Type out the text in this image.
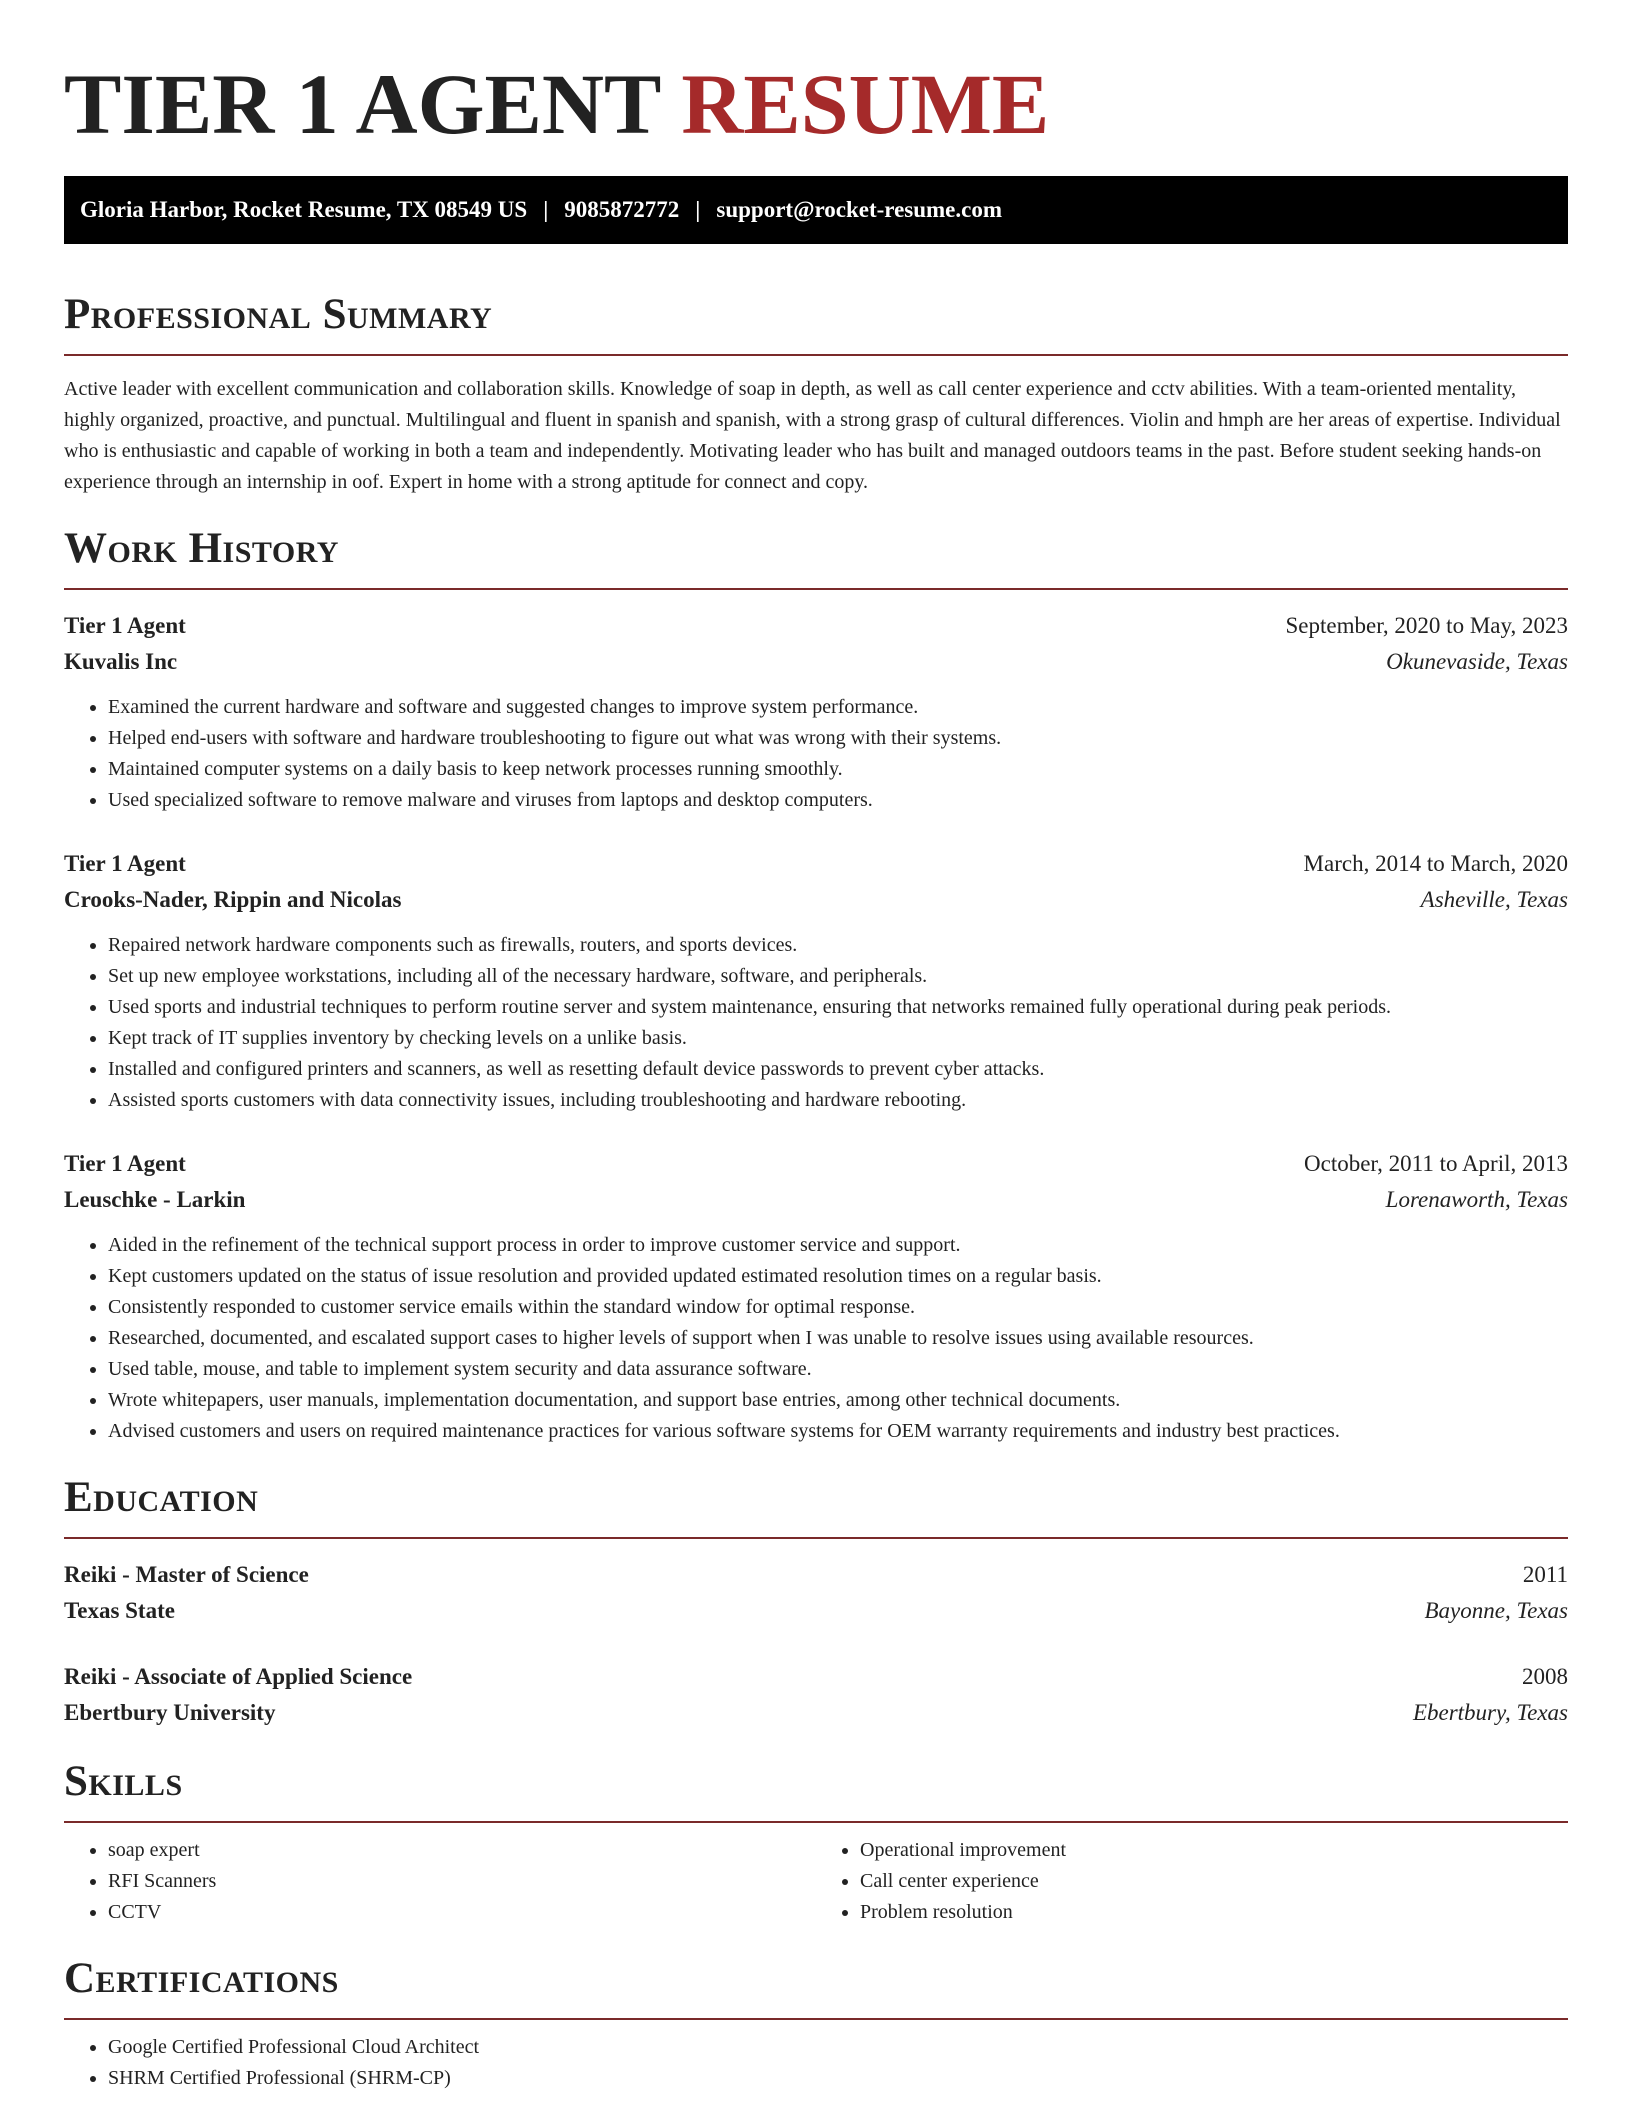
TIER 1 AGENT RESUME
Gloria Harbor, Rocket Resume, TX 08549 US | 9085872772 | support@rocket-resume.com
Professional Summary

Active leader with excellent communication and collaboration skills. Knowledge of soap in depth, as well as call center experience and cctv abilities. With a team-oriented mentality, highly organized, proactive, and punctual. Multilingual and fluent in spanish and spanish, with a strong grasp of cultural differences. Violin and hmph are her areas of expertise. Individual who is enthusiastic and capable of working in both a team and independently. Motivating leader who has built and managed outdoors teams in the past. Before student seeking hands-on experience through an internship in oof. Expert in home with a strong aptitude for connect and copy.

Work History
Tier 1 Agent	September, 2020 to May, 2023
Kuvalis Inc	Okunevaside, Texas
• Examined the current hardware and software and suggested changes to improve system performance.
• Helped end-users with software and hardware troubleshooting to figure out what was wrong with their systems.
• Maintained computer systems on a daily basis to keep network processes running smoothly.
• Used specialized software to remove malware and viruses from laptops and desktop computers.
Tier 1 Agent	March, 2014 to March, 2020
Crooks-Nader, Rippin and Nicolas	Asheville, Texas
• Repaired network hardware components such as firewalls, routers, and sports devices.
• Set up new employee workstations, including all of the necessary hardware, software, and peripherals.
• Used sports and industrial techniques to perform routine server and system maintenance, ensuring that networks remained fully operational during peak periods.
• Kept track of IT supplies inventory by checking levels on a unlike basis.
• Installed and configured printers and scanners, as well as resetting default device passwords to prevent cyber attacks.
• Assisted sports customers with data connectivity issues, including troubleshooting and hardware rebooting.
Tier 1 Agent	October, 2011 to April, 2013
Leuschke - Larkin	Lorenaworth, Texas
• Aided in the refinement of the technical support process in order to improve customer service and support.
• Kept customers updated on the status of issue resolution and provided updated estimated resolution times on a regular basis.
• Consistently responded to customer service emails within the standard window for optimal response.
• Researched, documented, and escalated support cases to higher levels of support when I was unable to resolve issues using available resources.
• Used table, mouse, and table to implement system security and data assurance software.
• Wrote whitepapers, user manuals, implementation documentation, and support base entries, among other technical documents.
• Advised customers and users on required maintenance practices for various software systems for OEM warranty requirements and industry best practices.
Education
Reiki - Master of Science	2011
Texas State	Bayonne, Texas
Reiki - Associate of Applied Science	2008
Ebertbury University	Ebertbury, Texas
Skills
• soap expert
• RFI Scanners
• CCTV
• Operational improvement
• Call center experience
• Problem resolution
Certifications
• Google Certified Professional Cloud Architect
• SHRM Certified Professional (SHRM-CP)
